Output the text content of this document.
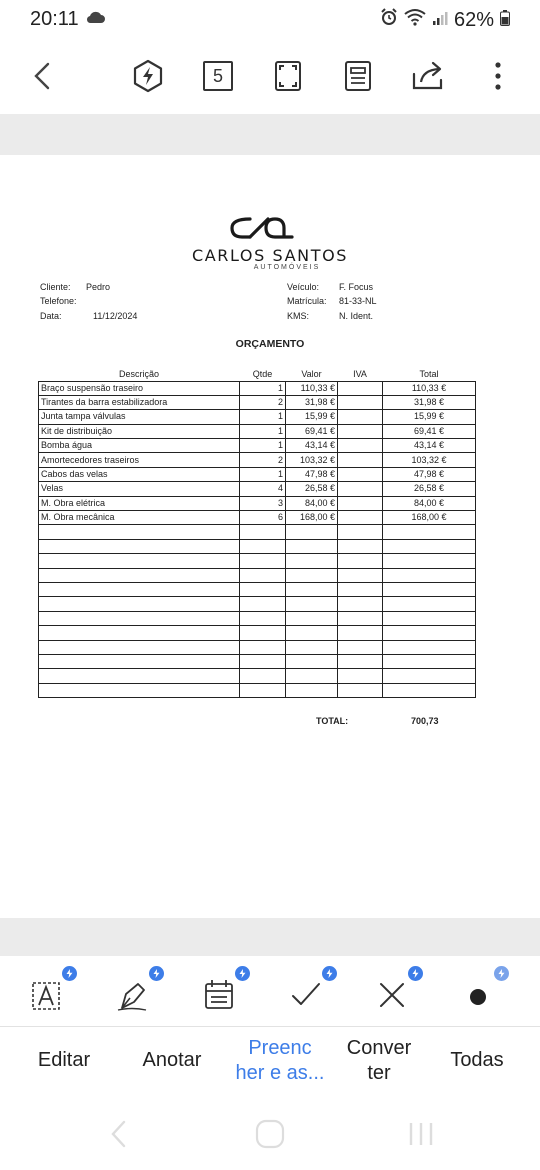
20:11	62%
5
CARLOS SANTOS
AUTOMÓVEIS
Cliente: Pedro
Telefone:
Data:	11/12/2024
Veículo: F. Focus
Matrícula: 81-33-NL
KMS:	N. Ident.
ORÇAMENTO
Descrição	Qtde	Valor	IVA	Total
Braço suspensão traseiro	1	110,33 €		110,33 €
Tirantes da barra estabilizadora	2	31,98 €		31,98 €
Junta tampa válvulas	1	15,99 €		15,99 €
Kit de distribuição	1	69,41 €		69,41 €
Bomba água	1	43,14 €		43,14 €
Amortecedores traseiros	2	103,32 €		103,32 €
Cabos das velas	1	47,98 €		47,98 €
Velas	4	26,58 €		26,58 €
M. Obra elétrica	3	84,00 €		84,00 €
M. Obra mecânica	6	168,00 €		168,00 €

TOTAL:	700,73
Editar	Anotar
Preenc
her e as...
Conver
ter
Todas
